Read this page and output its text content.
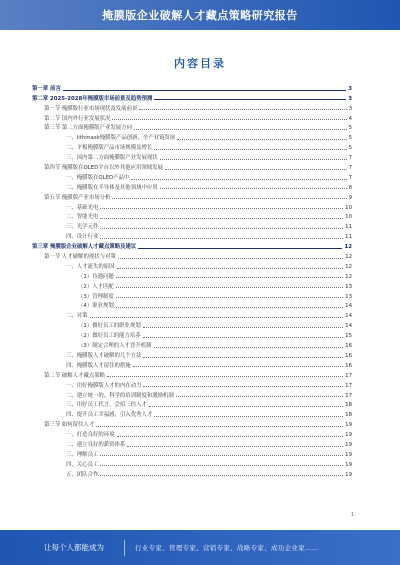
掩膜版企业破解人才藏点策略研究报告
内容目录
第一章 前言	3
第二章 2025-2028年掩膜版市场前景及趋势预测	3
第一节 掩膜版行业市场现状及发展前景	3
第二节 国内外行业发展状况	4
第三节 第二方面掩膜版产业发展方向	5
一、lithmask掩膜版产品创新，全产业链发展	5
二、平板掩膜版产品市场规模及增长	5
三、国内第二方面掩膜版产业发展现状	7
第四节 掩膜版在OLED平台以外其他应用领域发展	7
一、掩膜版在OLED产品中	7
二、掩膜版在半导体及其他领域中应用	8
第五节 掩膜版产业市场分析	9
一、基础光电	10
二、智能光电	10
三、光学元件	11
四、设计行业	11
第三章 掩膜版企业破解人才藏点策略及建议	12
第一节 人才破解的现状与对策	12
一、人才流失的原因	12
（1）待遇问题	12
（2）人才匹配	13
（3）管理制度	13
（4）职业规划	14
二、对策	14
（1）做好员工的职业规划	14
（2）做好员工的能力培养	15
（3）制定合理的人才晋升机制	16
三、掩膜版人才破解的几个方法	16
四、掩膜版人才留住的措施	16
第二节 破解人才藏点策略	17
一、用好掩膜版人才的内在动力	17
二、建立统一的、科学的培训制度和激励机制	17
三、用好员工代言，会招三倍人才	18
四、提升员工幸福感，引入优秀人才	18
第三节 如何留住人才	19
一、打造良好的环境	19
二、建立良好的薪资体系	19
三、理解员工	19
四、关心员工	19
五、团队合作	19
1
让每个人都能成为	行业专家、管理专家、营销专家、战略专家、成功企业家……
